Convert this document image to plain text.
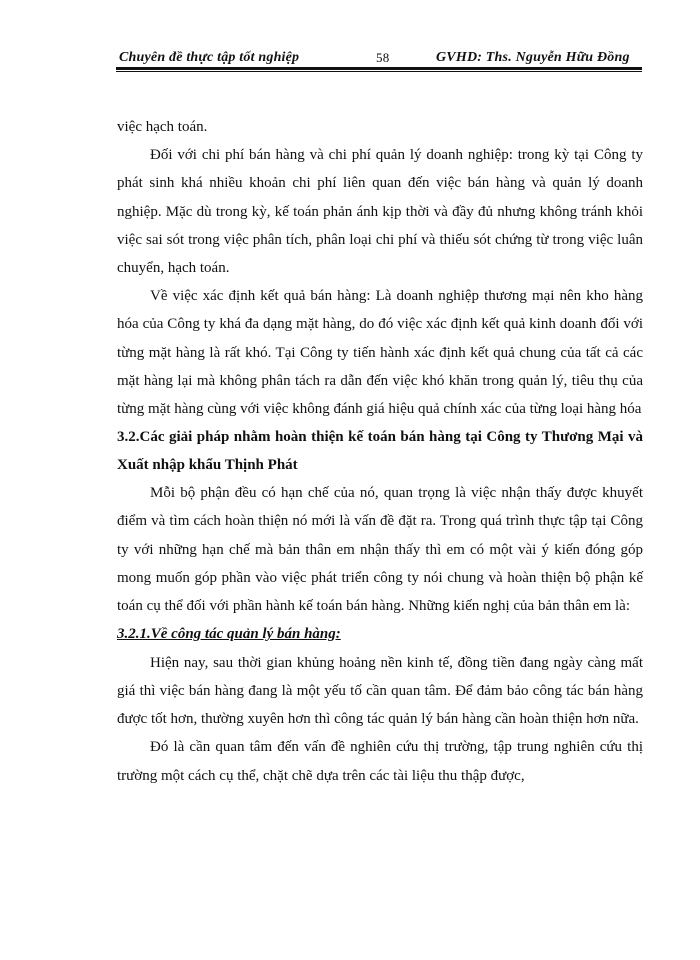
Chuyên đề thực tập tốt nghiệp	58	GVHD: Ths. Nguyễn Hữu Đồng

việc hạch toán.

Đối với chi phí bán hàng và chi phí quản lý doanh nghiệp: trong kỳ tại Công ty phát sinh khá nhiều khoản chi phí liên quan đến việc bán hàng và quản lý doanh nghiệp. Mặc dù trong kỳ, kế toán phản ánh kịp thời và đầy đủ nhưng không tránh khỏi việc sai sót trong việc phân tích, phân loại chi phí và thiếu sót chứng từ trong việc luân chuyển, hạch toán.

Về việc xác định kết quả bán hàng: Là doanh nghiệp thương mại nên kho hàng hóa của Công ty khá đa dạng mặt hàng, do đó việc xác định kết quả kinh doanh đối với từng mặt hàng là rất khó. Tại Công ty tiến hành xác định kết quả chung của tất cả các mặt hàng lại mà không phân tách ra dẫn đến việc khó khăn trong quản lý, tiêu thụ của từng mặt hàng cùng với việc không đánh giá hiệu quả chính xác của từng loại hàng hóa

3.2.Các giải pháp nhằm hoàn thiện kế toán bán hàng tại Công ty Thương Mại và Xuất nhập khẩu Thịnh Phát

Mỗi bộ phận đều có hạn chế của nó, quan trọng là việc nhận thấy được khuyết điểm và tìm cách hoàn thiện nó mới là vấn đề đặt ra. Trong quá trình thực tập tại Công ty với những hạn chế mà bản thân em nhận thấy thì em có một vài ý kiến đóng góp mong muốn góp phần vào việc phát triển công ty nói chung và hoàn thiện bộ phận kế toán cụ thể đối với phần hành kế toán bán hàng. Những kiến nghị của bản thân em là:

3.2.1.Về công tác quản lý bán hàng:

Hiện nay, sau thời gian khủng hoảng nền kinh tế, đồng tiền đang ngày càng mất giá thì việc bán hàng đang là một yếu tố cần quan tâm. Để đảm bảo công tác bán hàng được tốt hơn, thường xuyên hơn thì công tác quản lý bán hàng cần hoàn thiện hơn nữa.

Đó là cần quan tâm đến vấn đề nghiên cứu thị trường, tập trung nghiên cứu thị trường một cách cụ thể, chặt chẽ dựa trên các tài liệu thu thập được,
